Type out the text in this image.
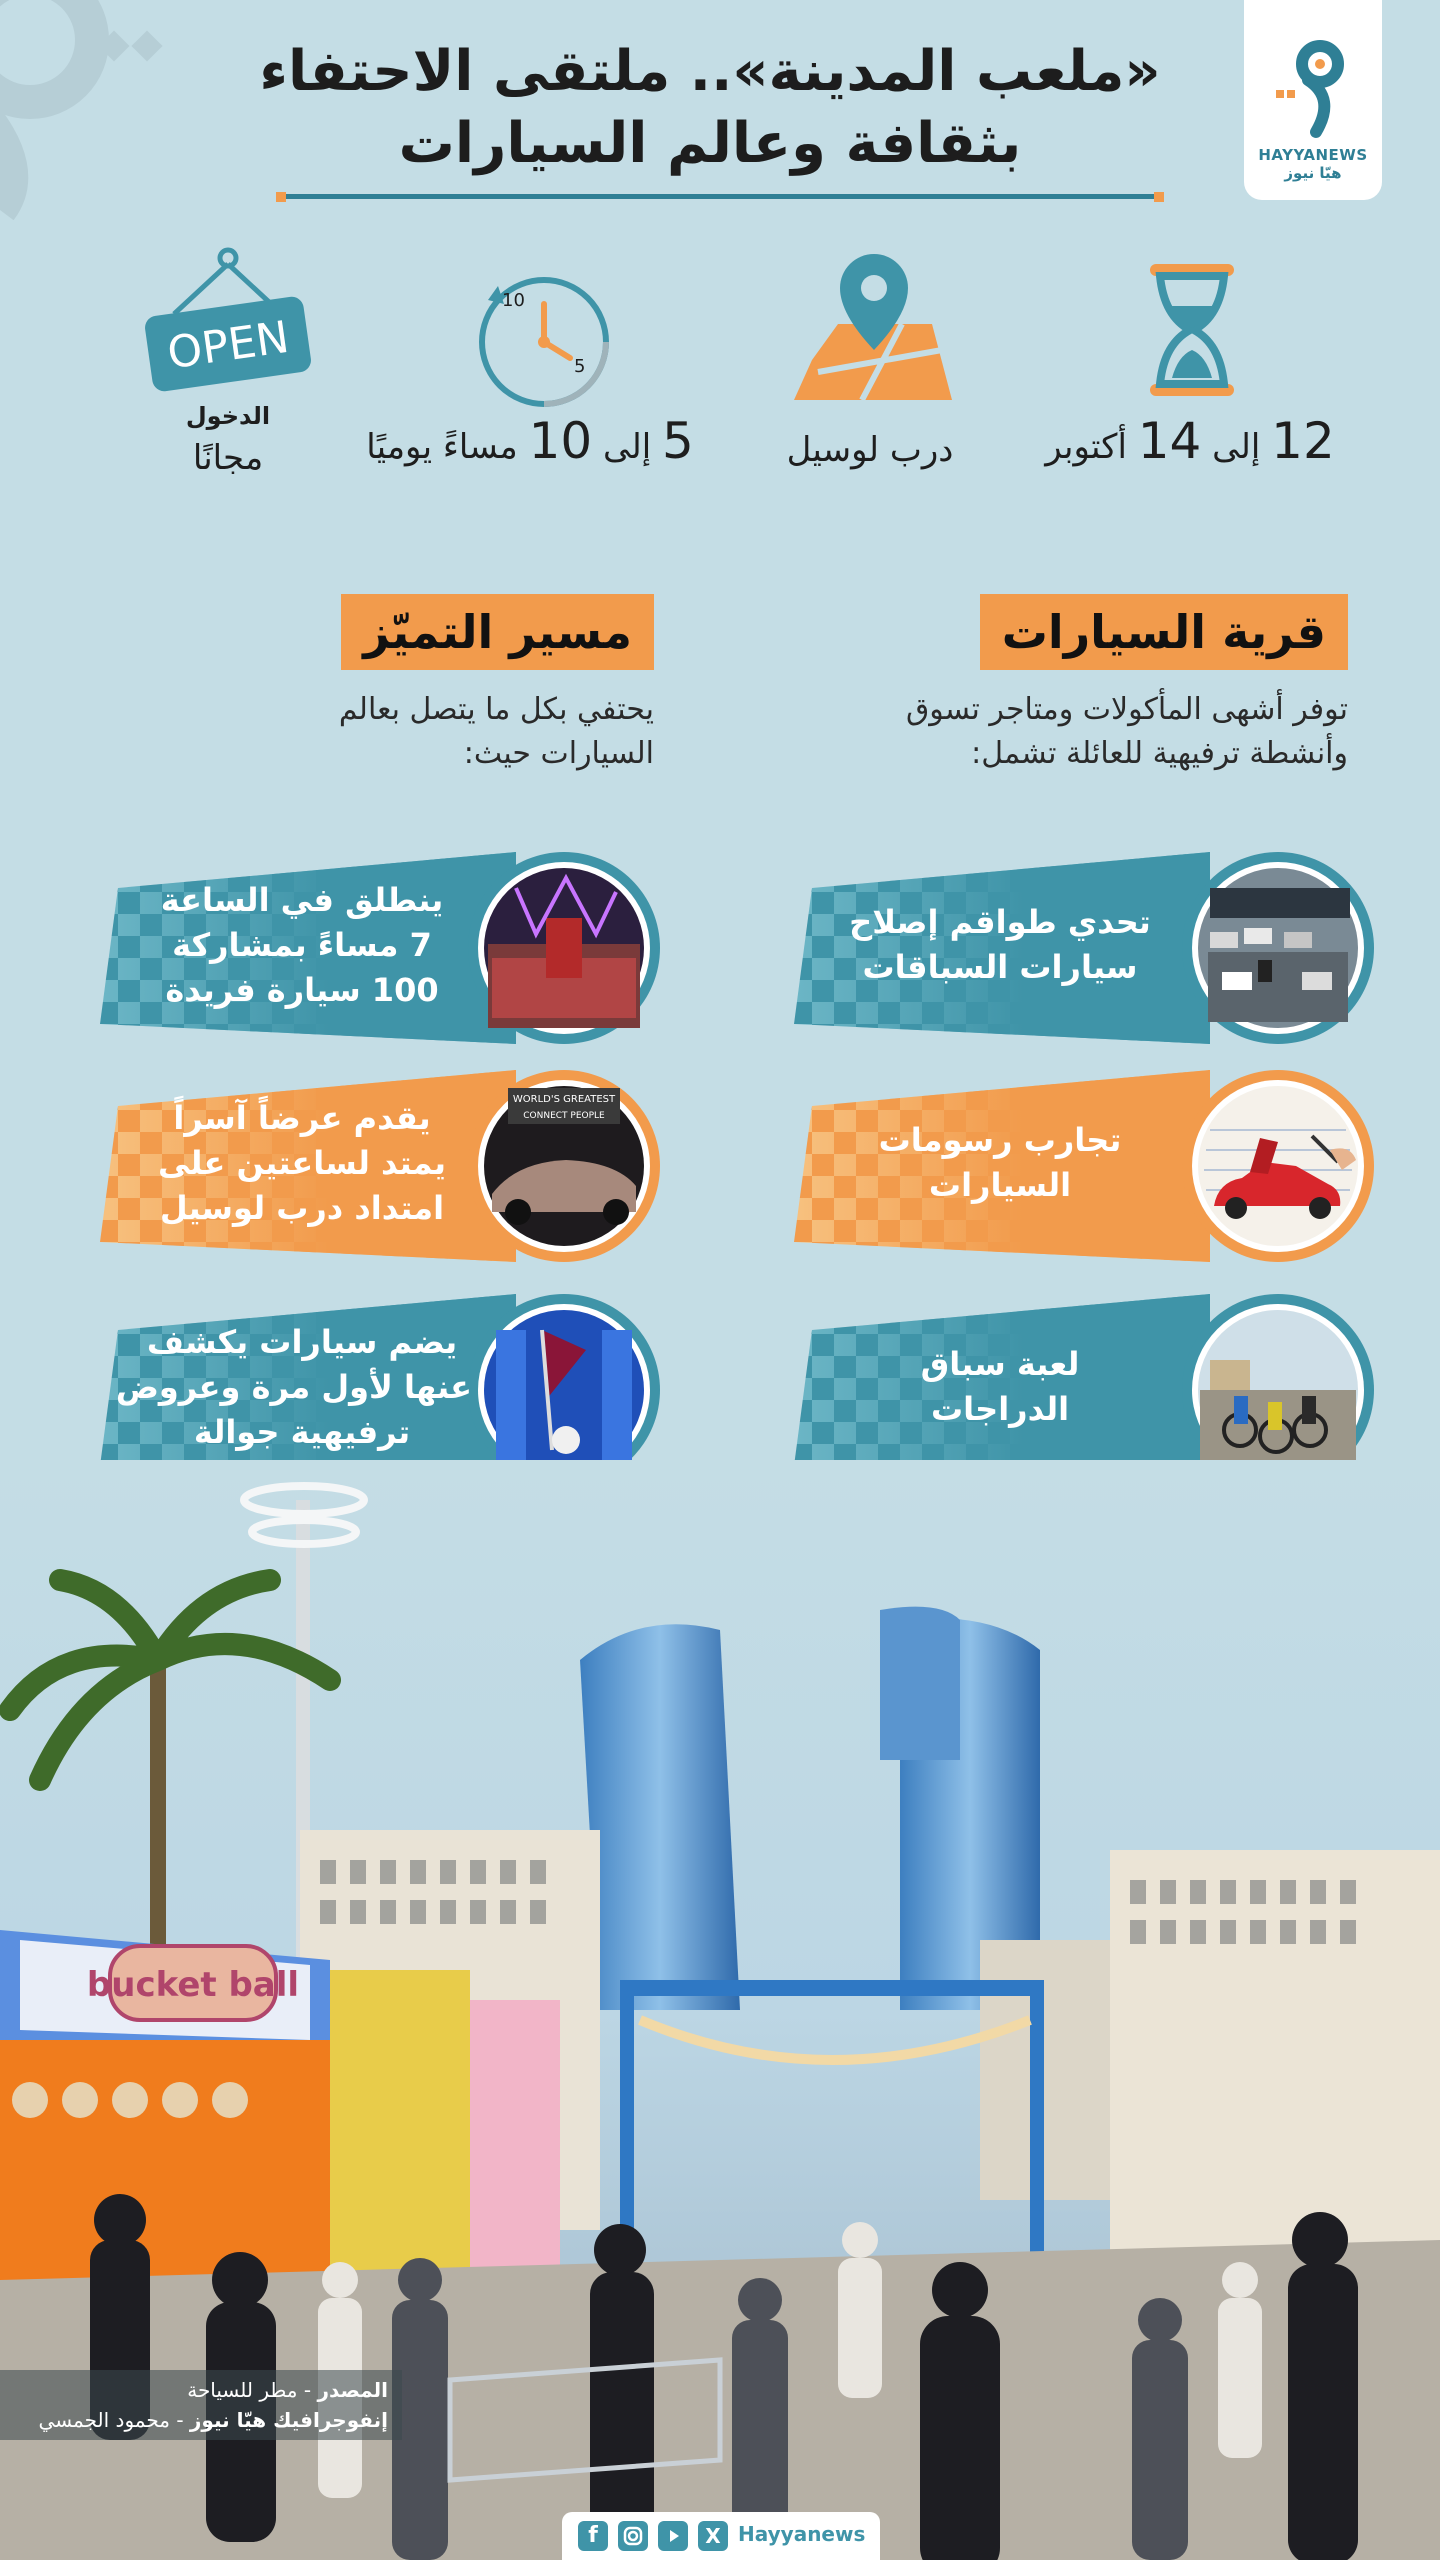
HAYYANEWS
هيّا نيوز
«ملعب المدينة».. ملتقى الاحتفاء
بثقافة وعالم السيارات
12 إلى 14 أكتوبر
درب لوسيل
10
5
5 إلى 10 مساءً يوميًا
OPEN
الدخول
مجانًا
قرية السيارات
توفر أشهى المأكولات ومتاجر تسوق
وأنشطة ترفيهية للعائلة تشمل:
مسير التميّز
يحتفي بكل ما يتصل بعالم
السيارات حيث:
تحدي طواقم إصلاح
سيارات السباقات
تجارب رسومات
السيارات
لعبة سباق
الدراجات
ينطلق في الساعة
7 مساءً بمشاركة
100 سيارة فريدة
WORLD'S GREATEST
CONNECT PEOPLE
يقدم عرضاً آسراً
يمتد لساعتين على
امتداد درب لوسيل
يضم سيارات يكشف
عنها لأول مرة وعروض
ترفيهية جوالة
bucket ball
المصدر - مطر للسياحة
إنفوجرافيك هيّا نيوز - محمود الجمسي
f	X Hayyanews
